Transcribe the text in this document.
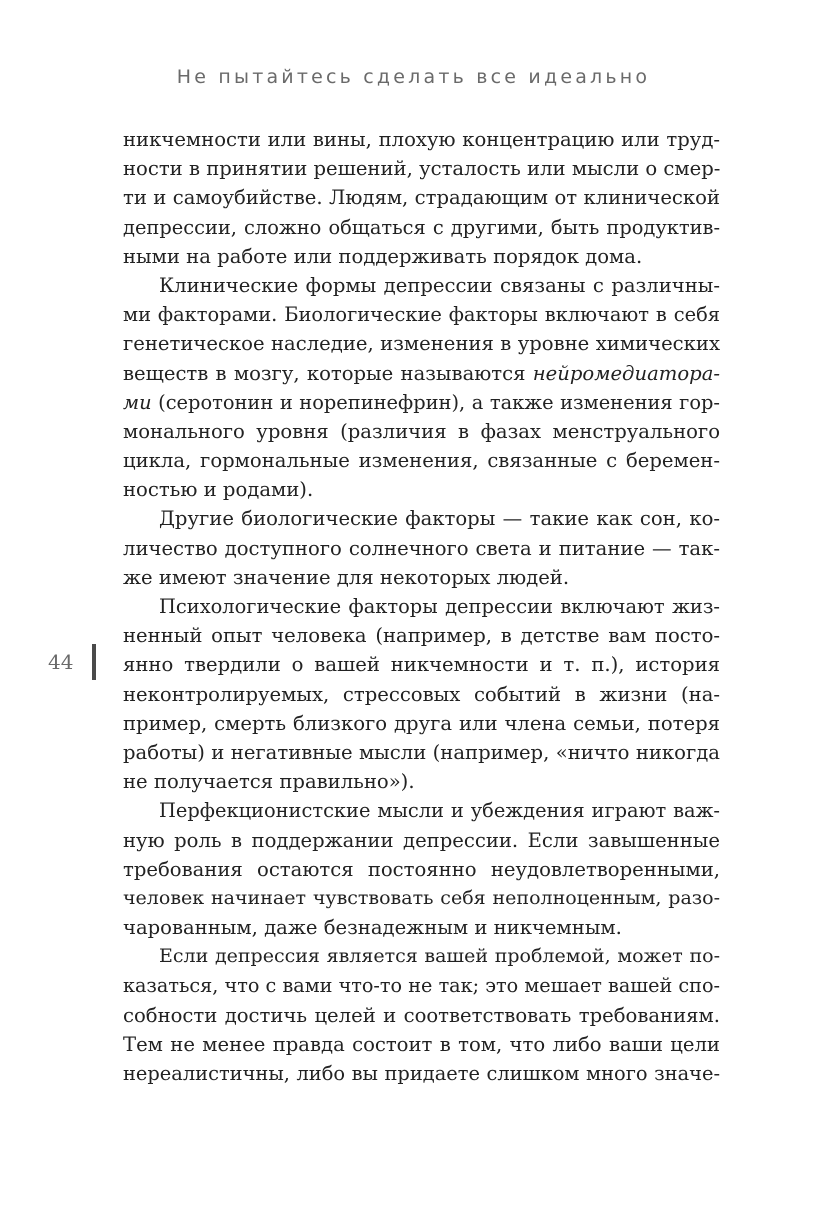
Не пытайтесь сделать все идеально
44
никчемности или вины, плохую концентрацию или труд-
ности в принятии решений, усталость или мысли о смер-
ти и самоубийстве. Людям, страдающим от клинической
депрессии, сложно общаться с другими, быть продуктив-
ными на работе или поддерживать порядок дома.
Клинические формы депрессии связаны с различны-
ми факторами. Биологические факторы включают в себя
генетическое наследие, изменения в уровне химических
веществ в мозгу, которые называются нейромедиатора-
ми (серотонин и норепинефрин), а также изменения гор-
монального уровня (различия в фазах менструального
цикла, гормональные изменения, связанные с беремен-
ностью и родами).
Другие биологические факторы — такие как сон, ко-
личество доступного солнечного света и питание — так-
же имеют значение для некоторых людей.
Психологические факторы депрессии включают жиз-
ненный опыт человека (например, в детстве вам посто-
янно твердили о вашей никчемности и т. п.), история
неконтролируемых, стрессовых событий в жизни (на-
пример, смерть близкого друга или члена семьи, потеря
работы) и негативные мысли (например, «ничто никогда
не получается правильно»).
Перфекционистские мысли и убеждения играют важ-
ную роль в поддержании депрессии. Если завышенные
требования остаются постоянно неудовлетворенными,
человек начинает чувствовать себя неполноценным, разо-
чарованным, даже безнадежным и никчемным.
Если депрессия является вашей проблемой, может по-
казаться, что с вами что-то не так; это мешает вашей спо-
собности достичь целей и соответствовать требованиям.
Тем не менее правда состоит в том, что либо ваши цели
нереалистичны, либо вы придаете слишком много значе-
